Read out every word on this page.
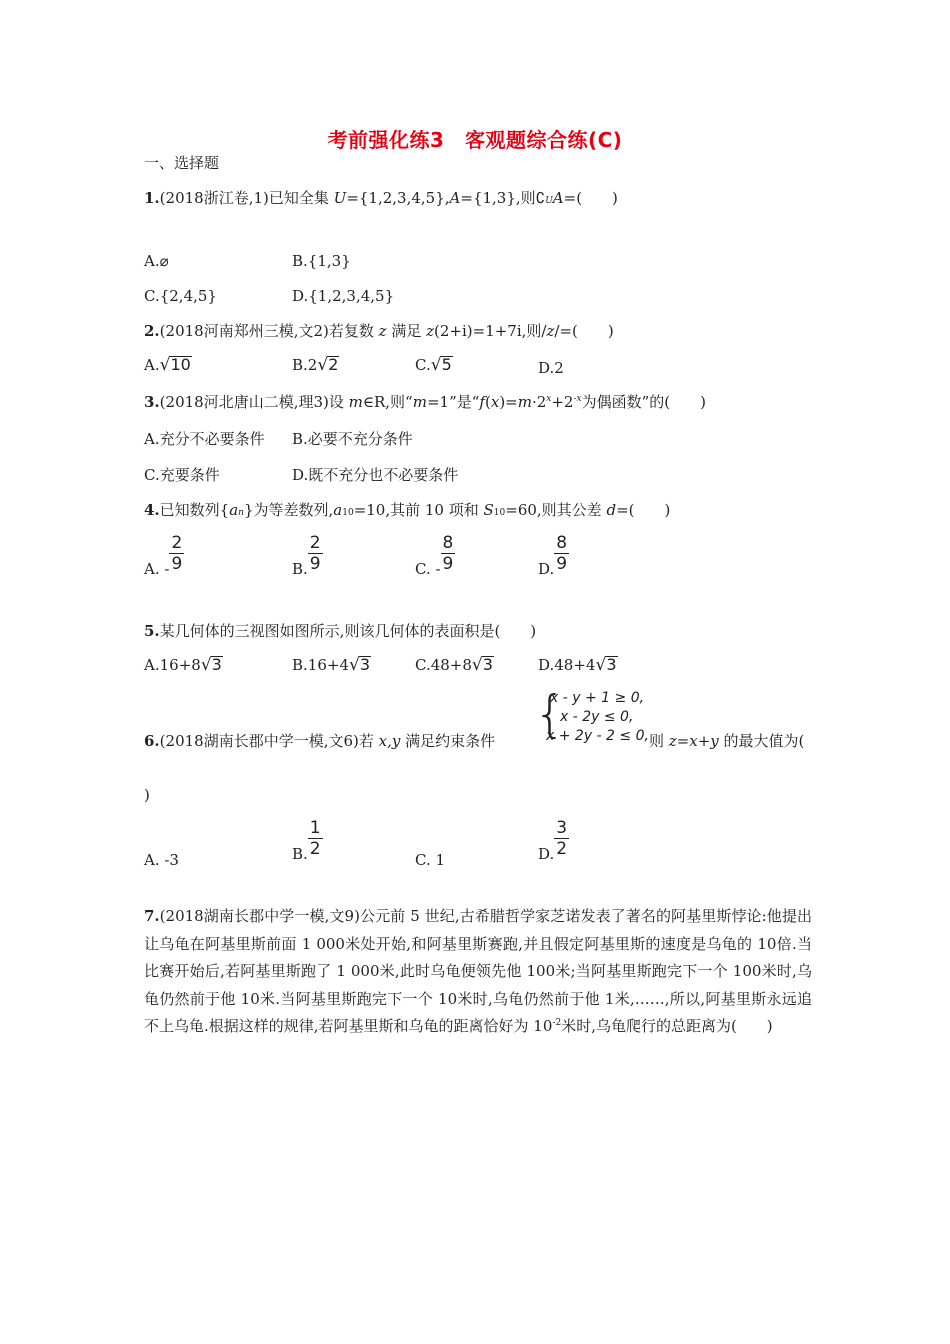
考前强化练3　客观题综合练(C)
一、选择题
1.(2018浙江卷,1)已知全集 U={1,2,3,4,5},A={1,3},则$∁_UA=$(　　)
A.⌀	B.{1,3}
C.{2,4,5}	D.{1,2,3,4,5}
2.(2018河南郑州三模,文2)若复数 z 满足 z(2+i)=1+7i,则/z/=(　　)
A.√10	B.2√2	C.√5	D.2
3.(2018河北唐山二模,理3)设 m∈R,则“m=1”是“$f(x)=m\cdot 2^x+2^{-x}$为偶函数”的(　　)
A.充分不必要条件 B.必要不充分条件
C.充要条件	D.既不充分也不必要条件
4.已知数列$\{a_n\}$为等差数列$,a_{10}=10$,其前 10 项和 $S_{10}=60$,则其公差 d=(　　)
A. - $\frac{2}{9}$	B. $\frac{2}{9}$	C. - $\frac{8}{9}$	D. $\frac{8}{9}$
5.某几何体的三视图如图所示,则该几何体的表面积是(　　)
A.16+8√3	B.16+4√3	C.48+8√3	D.48+4√3
6.(2018湖南长郡中学一模,文6)若 x,y 满足约束条件 {
x - y + 1 ≥ 0,
x - 2y ≤ 0,
x + 2y - 2 ≤ 0, 则 z=x+y 的最大值为(
)
A. -3	B. $\frac{1}{2}$
C. 1	D. $\frac{3}{2}$
7.(2018湖南长郡中学一模,文9)公元前 5 世纪,古希腊哲学家芝诺发表了著名的阿基里斯悖论:他提出让乌龟在阿基里斯前面 1 000米处开始,和阿基里斯赛跑,并且假定阿基里斯的速度是乌龟的 10倍.当比赛开始后,若阿基里斯跑了 1 000米,此时乌龟便领先他 100米;当阿基里斯跑完下一个 100米时,乌龟仍然前于他 10米.当阿基里斯跑完下一个 10米时,乌龟仍然前于他 1米,……,所以,阿基里斯永远追不上乌龟.根据这样的规律,若阿基里斯和乌龟的距离恰好为 $10^{-2}$米时,乌龟爬行的总距离为(　　)
